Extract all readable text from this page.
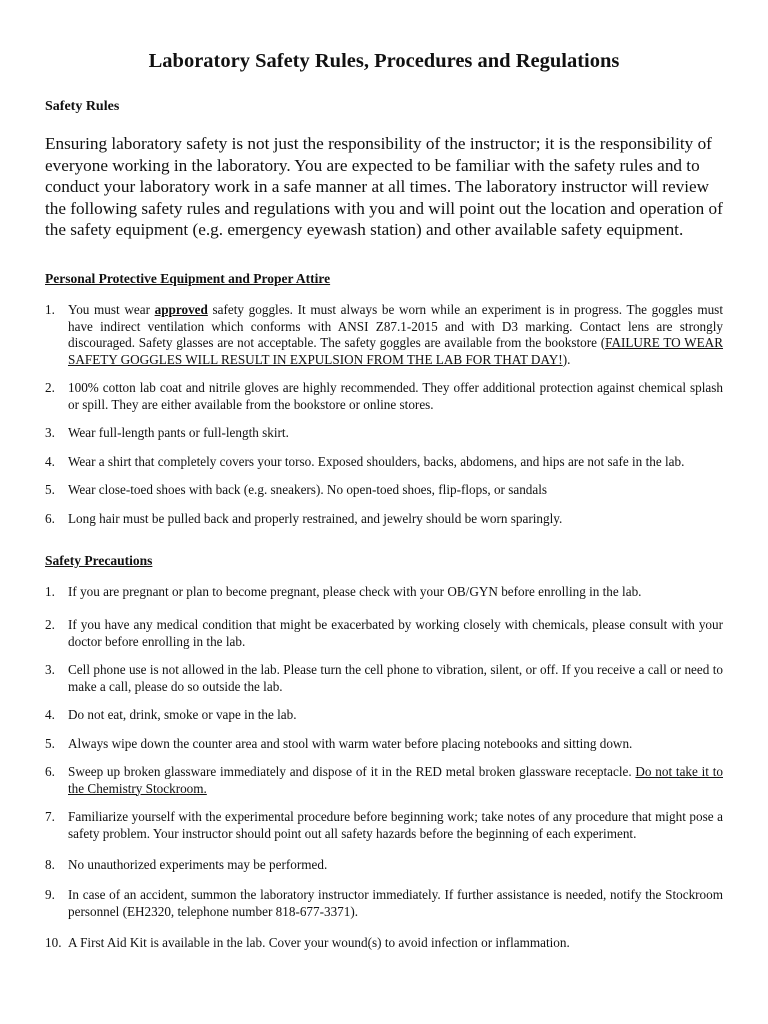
Laboratory Safety Rules, Procedures and Regulations
Safety Rules

Ensuring laboratory safety is not just the responsibility of the instructor; it is the responsibility of everyone working in the laboratory. You are expected to be familiar with the safety rules and to conduct your laboratory work in a safe manner at all times. The laboratory instructor will review the following safety rules and regulations with you and will point out the location and operation of the safety equipment (e.g. emergency eyewash station) and other available safety equipment.

Personal Protective Equipment and Proper Attire
1. You must wear approved safety goggles. It must always be worn while an experiment is in progress. The goggles must have indirect ventilation which conforms with ANSI Z87.1-2015 and with D3 marking. Contact lens are strongly discouraged. Safety glasses are not acceptable. The safety goggles are available from the bookstore (FAILURE TO WEAR SAFETY GOGGLES WILL RESULT IN EXPULSION FROM THE LAB FOR THAT DAY!).
2. 100% cotton lab coat and nitrile gloves are highly recommended. They offer additional protection against chemical splash or spill. They are either available from the bookstore or online stores.
3. Wear full-length pants or full-length skirt.
4. Wear a shirt that completely covers your torso. Exposed shoulders, backs, abdomens, and hips are not safe in the lab.
5. Wear close-toed shoes with back (e.g. sneakers). No open-toed shoes, flip-flops, or sandals
6. Long hair must be pulled back and properly restrained, and jewelry should be worn sparingly.
Safety Precautions
1. If you are pregnant or plan to become pregnant, please check with your OB/GYN before enrolling in the lab.
2. If you have any medical condition that might be exacerbated by working closely with chemicals, please consult with your doctor before enrolling in the lab.
3. Cell phone use is not allowed in the lab. Please turn the cell phone to vibration, silent, or off. If you receive a call or need to make a call, please do so outside the lab.
4. Do not eat, drink, smoke or vape in the lab.
5. Always wipe down the counter area and stool with warm water before placing notebooks and sitting down.
6. Sweep up broken glassware immediately and dispose of it in the RED metal broken glassware receptacle. Do not take it to the Chemistry Stockroom.
7. Familiarize yourself with the experimental procedure before beginning work; take notes of any procedure that might pose a safety problem. Your instructor should point out all safety hazards before the beginning of each experiment.
8. No unauthorized experiments may be performed.
9. In case of an accident, summon the laboratory instructor immediately. If further assistance is needed, notify the Stockroom personnel (EH2320, telephone number 818-677-3371).
10. A First Aid Kit is available in the lab. Cover your wound(s) to avoid infection or inflammation.
